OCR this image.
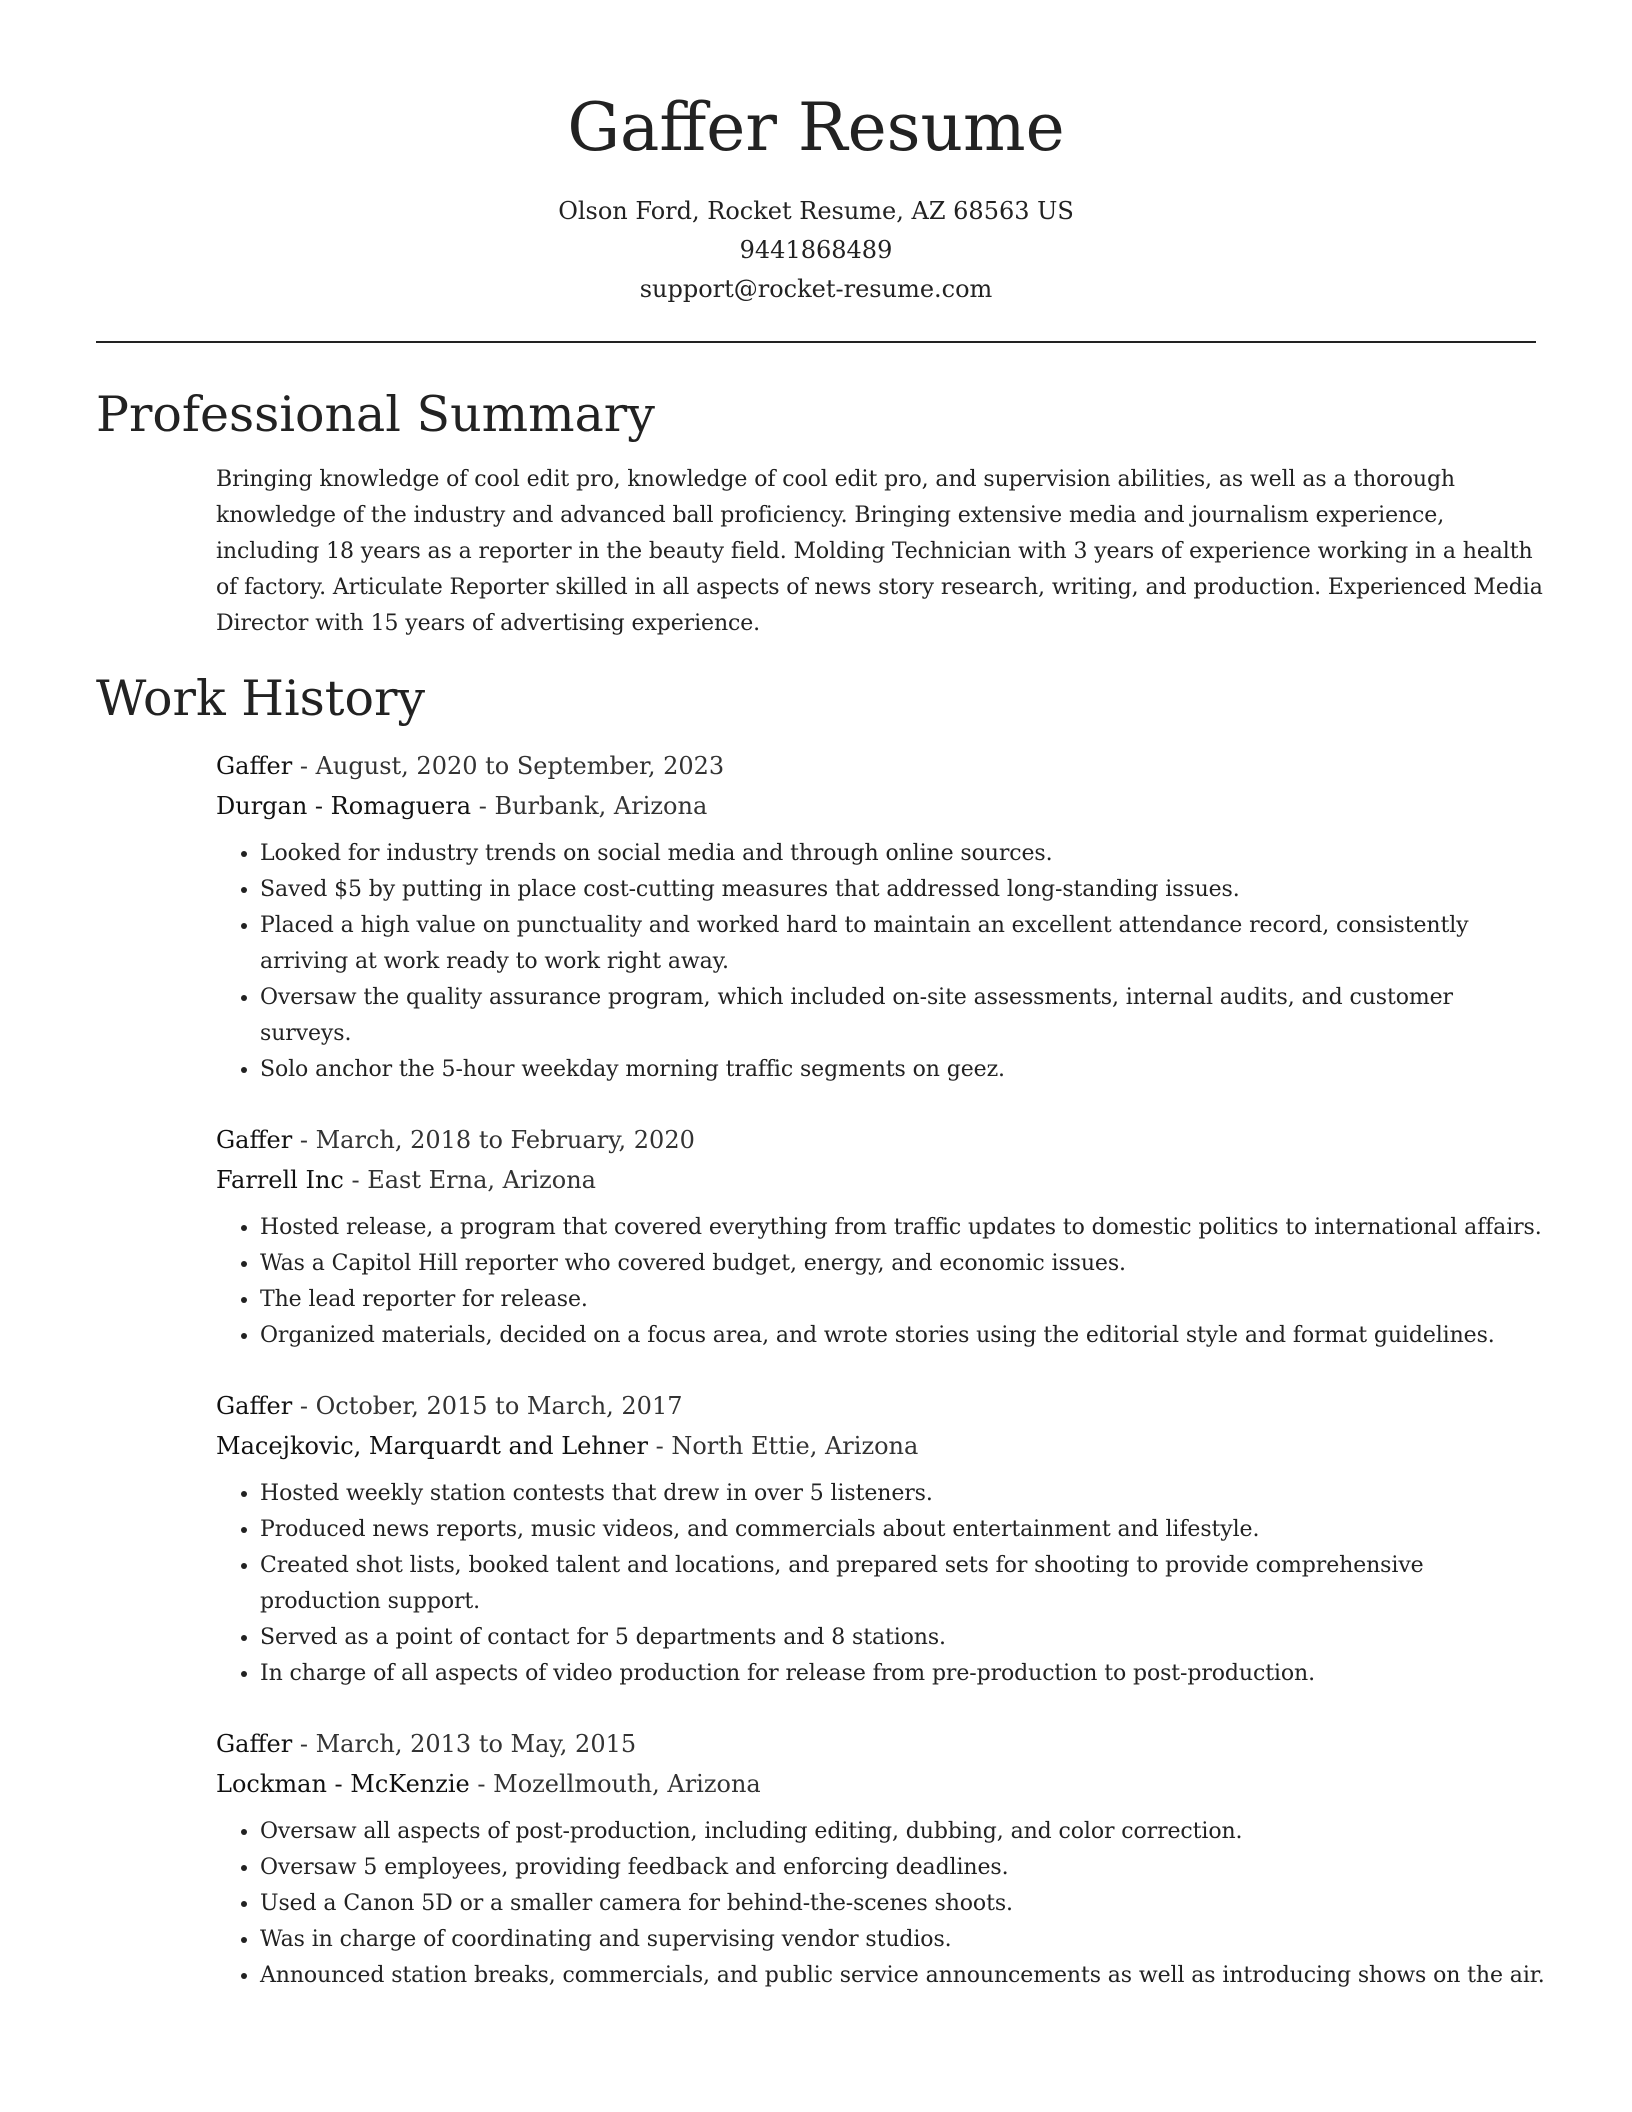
Gaffer Resume
Olson Ford, Rocket Resume, AZ 68563 US
9441868489
support@rocket-resume.com
Professional Summary

Bringing knowledge of cool edit pro, knowledge of cool edit pro, and supervision abilities, as well as a thorough knowledge of the industry and advanced ball proficiency. Bringing extensive media and journalism experience, including 18 years as a reporter in the beauty field. Molding Technician with 3 years of experience working in a health of factory. Articulate Reporter skilled in all aspects of news story research, writing, and production. Experienced Media Director with 15 years of advertising experience.

Work History

Gaffer - August, 2020 to September, 2023

Durgan - Romaguera - Burbank, Arizona

• Looked for industry trends on social media and through online sources.
• Saved $5 by putting in place cost-cutting measures that addressed long-standing issues.
• Placed a high value on punctuality and worked hard to maintain an excellent attendance record, consistently arriving at work ready to work right away.
• Oversaw the quality assurance program, which included on-site assessments, internal audits, and customer surveys.
• Solo anchor the 5-hour weekday morning traffic segments on geez.

Gaffer - March, 2018 to February, 2020

Farrell Inc - East Erna, Arizona

• Hosted release, a program that covered everything from traffic updates to domestic politics to international affairs.
• Was a Capitol Hill reporter who covered budget, energy, and economic issues.
• The lead reporter for release.
• Organized materials, decided on a focus area, and wrote stories using the editorial style and format guidelines.

Gaffer - October, 2015 to March, 2017

Macejkovic, Marquardt and Lehner - North Ettie, Arizona

• Hosted weekly station contests that drew in over 5 listeners.
• Produced news reports, music videos, and commercials about entertainment and lifestyle.
• Created shot lists, booked talent and locations, and prepared sets for shooting to provide comprehensive production support.
• Served as a point of contact for 5 departments and 8 stations.
• In charge of all aspects of video production for release from pre-production to post-production.

Gaffer - March, 2013 to May, 2015

Lockman - McKenzie - Mozellmouth, Arizona

• Oversaw all aspects of post-production, including editing, dubbing, and color correction.
• Oversaw 5 employees, providing feedback and enforcing deadlines.
• Used a Canon 5D or a smaller camera for behind-the-scenes shoots.
• Was in charge of coordinating and supervising vendor studios.
• Announced station breaks, commercials, and public service announcements as well as introducing shows on the air.
